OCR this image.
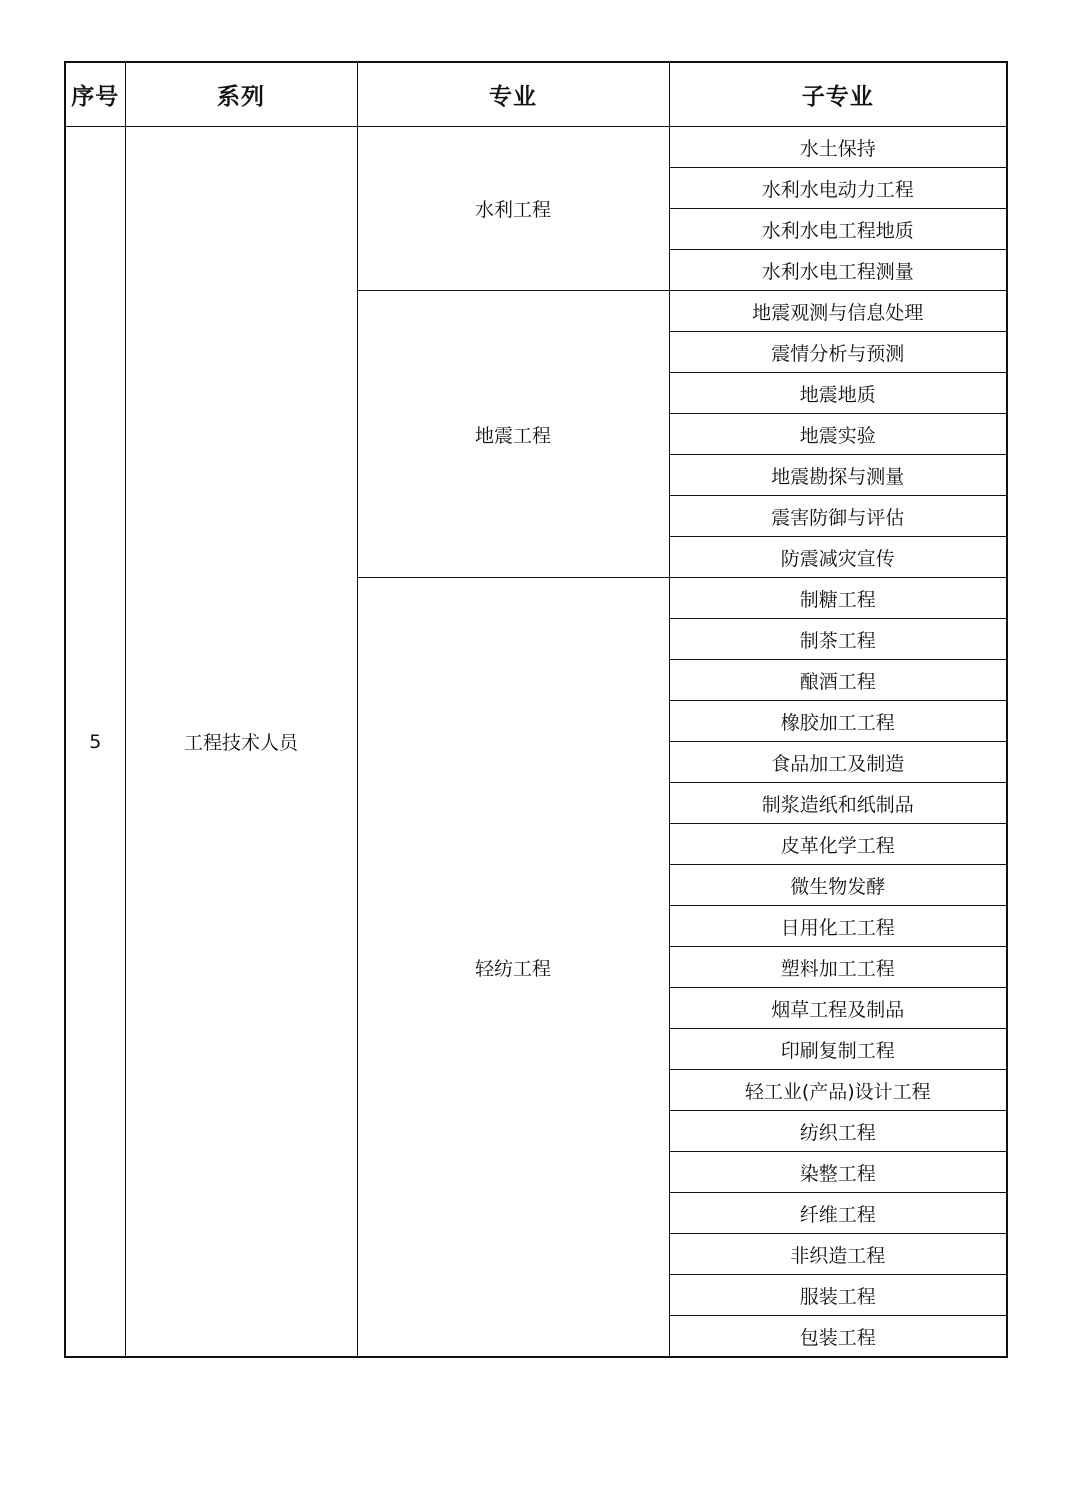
序号	系列	专业	子专业
5	工程技术人员	水利工程	水土保持
			水利水电动力工程
			水利水电工程地质
			水利水电工程测量
		地震工程	地震观测与信息处理
			震情分析与预测
			地震地质
			地震实验
			地震勘探与测量
			震害防御与评估
			防震减灾宣传
		轻纺工程	制糖工程
			制茶工程
			酿酒工程
			橡胶加工工程
			食品加工及制造
			制浆造纸和纸制品
			皮革化学工程
			微生物发酵
			日用化工工程
			塑料加工工程
			烟草工程及制品
			印刷复制工程
			轻工业(产品)设计工程
			纺织工程
			染整工程
			纤维工程
			非织造工程
			服装工程
			包装工程
